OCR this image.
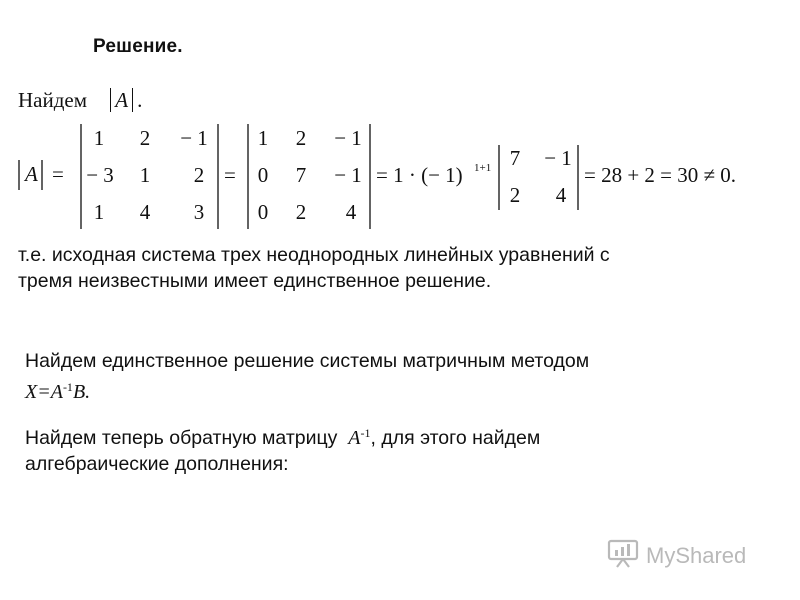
Решение.
Найдем A .
A =
1	2	− 1
− 3	1	2
1	4	3
=
1	2	− 1
0	7	− 1
0	2	4
= 1 · (− 1) 1+1 7	− 1
2	4
= 28 + 2 = 30 ≠ 0.
т.е. исходная система трех неоднородных линейных уравнений с
тремя неизвестными имеет единственное решение.
Найдем единственное решение системы матричным методом
$X=A^{-1}B$.
Найдем теперь обратную матрицу $A^{-1}$, для этого найдем
алгебраические дополнения:
MyShared
